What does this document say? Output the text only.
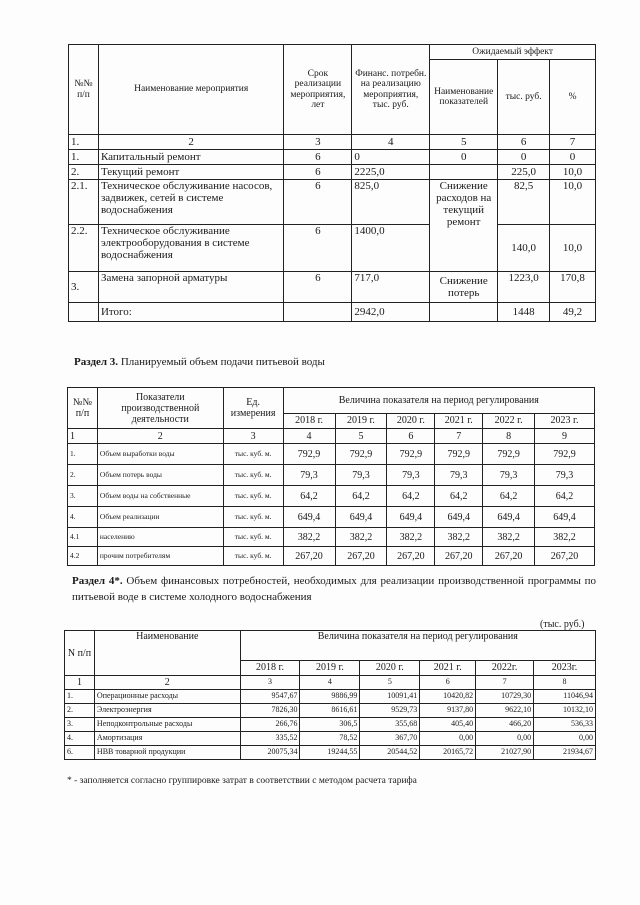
№№ п/п	Наименование мероприятия	Срок реализации мероприятия, лет	Финанс. потребн. на реализацию мероприятия, тыс. руб.	Ожидаемый эффект		
				Наименование показателей	тыс. руб.	%
1.	2	3	4	5	6	7
1.	Капитальный ремонт	6	0	0	0	0
2.	Текущий ремонт	6	2225,0		225,0	10,0
2.1.	Техническое обслуживание насосов, задвижек, сетей в системе водоснабжения	6	825,0	Снижение расходов на текущий ремонт	82,5	10,0
2.2.	Техническое обслуживание электрооборудования в системе водоснабжения	6	1400,0		140,0	10,0
3.	Замена запорной арматуры	6	717,0	Снижение потерь	1223,0	170,8
	Итого:		2942,0		1448	49,2
Раздел 3. Планируемый объем подачи питьевой воды
№№ п/п	Показатели производственной деятельности	Ед. измерения	Величина показателя на период регулирования					
			2018 г.	2019 г.	2020 г.	2021 г.	2022 г.	2023 г.
1	2	3	4	5	6	7	8	9
1.	Объем выработки воды	тыс. куб. м.	792,9	792,9	792,9	792,9	792,9	792,9
2.	Объем потерь воды	тыс. куб. м.	79,3	79,3	79,3	79,3	79,3	79,3
3.	Объем воды на собственные	тыс. куб. м.	64,2	64,2	64,2	64,2	64,2	64,2
4.	Объем реализации	тыс. куб. м.	649,4	649,4	649,4	649,4	649,4	649,4
4.1	населению	тыс. куб. м.	382,2	382,2	382,2	382,2	382,2	382,2
4.2	прочим потребителям	тыс. куб. м.	267,20	267,20	267,20	267,20	267,20	267,20
Раздел 4*. Объем финансовых потребностей, необходимых для реализации производственной программы по питьевой воде в системе холодного водоснабжения
(тыс. руб.)
N п/п	Наименование	Величина показателя на период регулирования					
		2018 г.	2019 г.	2020 г.	2021 г.	2022г.	2023г.
1	2	3	4	5	6	7	8
1.	Операционные расходы	9547,67	9886,99	10091,41	10420,82	10729,30	11046,94
2.	Электроэнергия	7826,30	8616,61	9529,73	9137,80	9622,10	10132,10
3.	Неподконтрольные расходы	266,76	306,5	355,68	405,40	466,20	536,33
4.	Амортизация	335,52	78,52	367,70	0,00	0,00	0,00
6.	НВВ товарной продукции	20075,34	19244,55	20544,52	20165,72	21027,90	21934,67
* - заполняется согласно группировке затрат в соответствии с методом расчета тарифа
